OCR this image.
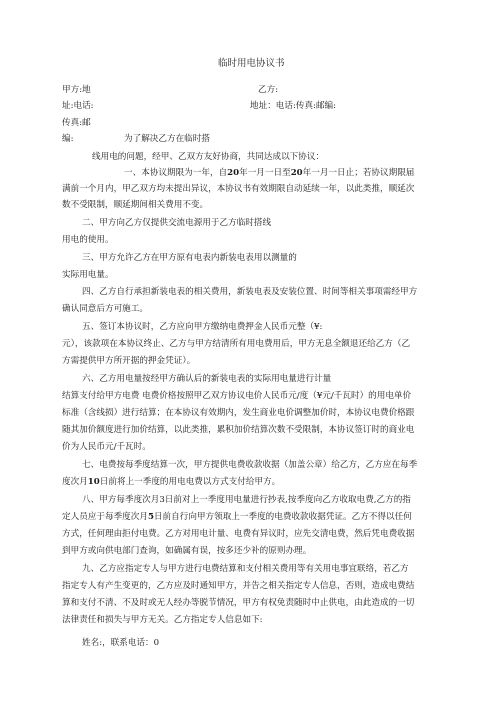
临时用电协议书
甲方:地	乙方:
址:电话:	地址：电话:传真:邮编:
传真:邮
编:	为了解决乙方在临时搭
线用电的问题，经甲、乙双方友好协商，共同达成以下协议：
一、本协议期限为一年，自20年一月一日至20年一月一日止；若协议期限届
满前一个月内，甲乙双方均未提出异议，本协议书有效期限自动延续一年，以此类推，顺延次
数不受限制，顺延期间相关费用不变。
二、甲方向乙方仅提供交流电源用于乙方临时搭线
用电的使用。
三、甲方允许乙方在甲方原有电表内新装电表用以测量的
实际用电量。
四、乙方自行承担新装电表的相关费用，新装电表及安装位置、时间等相关事项需经甲方
确认同意后方可施工。
五、签订本协议时，乙方应向甲方缴纳电费押金人民币元整（¥:
元），该款项在本协议终止、乙方与甲方结清所有用电费用后，甲方无息全额退还给乙方（乙
方需提供甲方所开据的押金凭证）。
六、乙方用电量按经甲方确认后的新装电表的实际用电量进行计量
结算支付给甲方电费 电费价格按照甲乙双方协议电价人民币元/度（¥元/千瓦时）的用电单价
标准（含线损）进行结算；在本协议有效期内，发生商业电价调整加价时，本协议电费价格跟
随其加价额度进行加价结算，以此类推，累积加价结算次数不受限制，本协议签订时的商业电
价为人民币元/千瓦时。
七、电费按每季度结算一次，甲方提供电费收款收据（加盖公章）给乙方，乙方应在每季
度次月10日前将上一季度的用电电费以方式支付给甲方。
八、甲方每季度次月3日前对上一季度用电量进行抄表,按季度向乙方收取电费,乙方的指
定人员应于每季度次月5日前自行向甲方领取上一季度的电费收款收据凭证。乙方不得以任何
方式，任何理由拒付电费。乙方对用电计量、电费有异议时，应先交清电费，然后凭电费收据
到甲方或向供电部门查询，如确属有误，按多还少补的原则办理。
九、乙方应指定专人与甲方进行电费结算和支付相关费用等有关用电事宜联络，若乙方
指定专人有产生变更的，乙方应及时通知甲方，并告之相关指定专人信息，否则，造成电费结
算和支付不清、不及时或无人经办等脱节情况，甲方有权免责随时中止供电，由此造成的一切
法律责任和损失与甲方无关。乙方指定专人信息如下:
姓名:，联系电话：0
